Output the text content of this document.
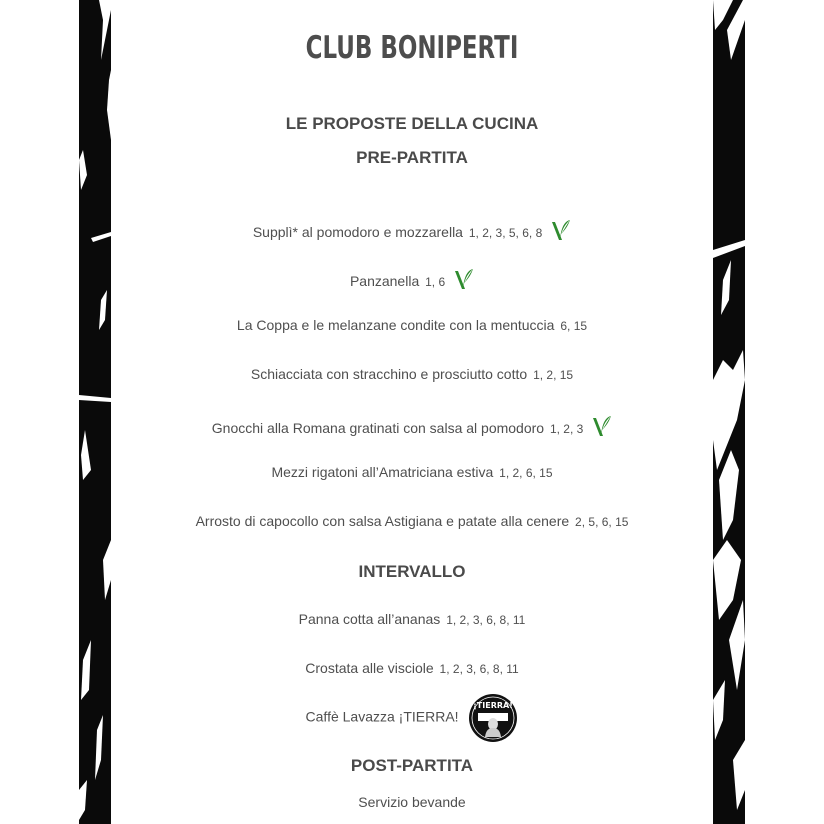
CLUB BONIPERTI
LE PROPOSTE DELLA CUCINA
PRE-PARTITA
Supplì* al pomodoro e mozzarella 1, 2, 3, 5, 6, 8
Panzanella 1, 6
La Coppa e le melanzane condite con la mentuccia 6, 15
Schiacciata con stracchino e prosciutto cotto 1, 2, 15
Gnocchi alla Romana gratinati con salsa al pomodoro 1, 2, 3
Mezzi rigatoni all’Amatriciana estiva 1, 2, 6, 15
Arrosto di capocollo con salsa Astigiana e patate alla cenere 2, 5, 6, 15
INTERVALLO
Panna cotta all’ananas 1, 2, 3, 6, 8, 11
Crostata alle visciole 1, 2, 3, 6, 8, 11
Caffè Lavazza ¡TIERRA!
¡TIERRA!
POST-PARTITA
Servizio bevande
